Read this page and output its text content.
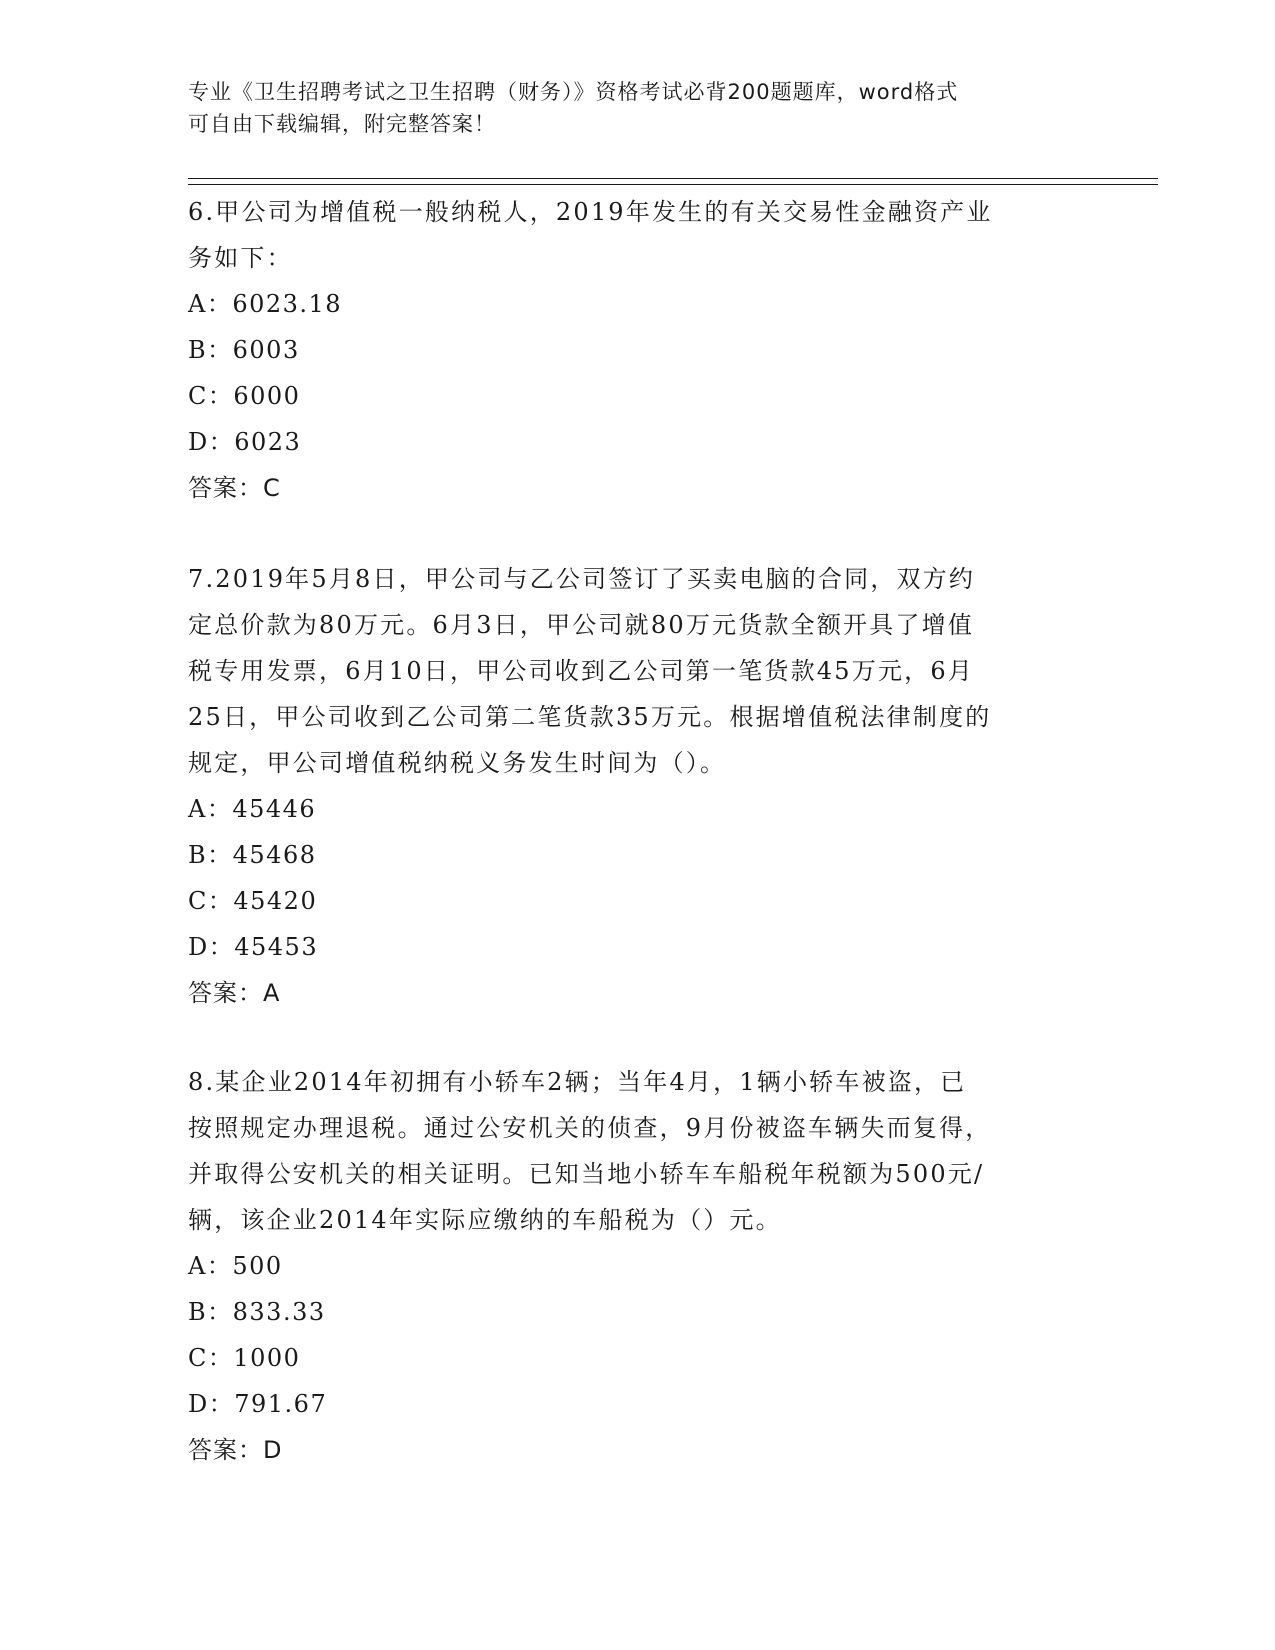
专业《卫生招聘考试之卫生招聘（财务）》资格考试必背200题题库，word格式
可自由下载编辑，附完整答案！
6.甲公司为增值税一般纳税人，2019年发生的有关交易性金融资产业
务如下：
A：6023.18
B：6003
C：6000
D：6023
答案：C
7.2019年5月8日，甲公司与乙公司签订了买卖电脑的合同，双方约
定总价款为80万元。6月3日，甲公司就80万元货款全额开具了增值
税专用发票，6月10日，甲公司收到乙公司第一笔货款45万元，6月
25日，甲公司收到乙公司第二笔货款35万元。根据增值税法律制度的
规定，甲公司增值税纳税义务发生时间为（）。
A：45446
B：45468
C：45420
D：45453
答案：A
8.某企业2014年初拥有小轿车2辆；当年4月，1辆小轿车被盗，已
按照规定办理退税。通过公安机关的侦查，9月份被盗车辆失而复得，
并取得公安机关的相关证明。已知当地小轿车车船税年税额为500元/
辆，该企业2014年实际应缴纳的车船税为（）元。
A：500
B：833.33
C：1000
D：791.67
答案：D
